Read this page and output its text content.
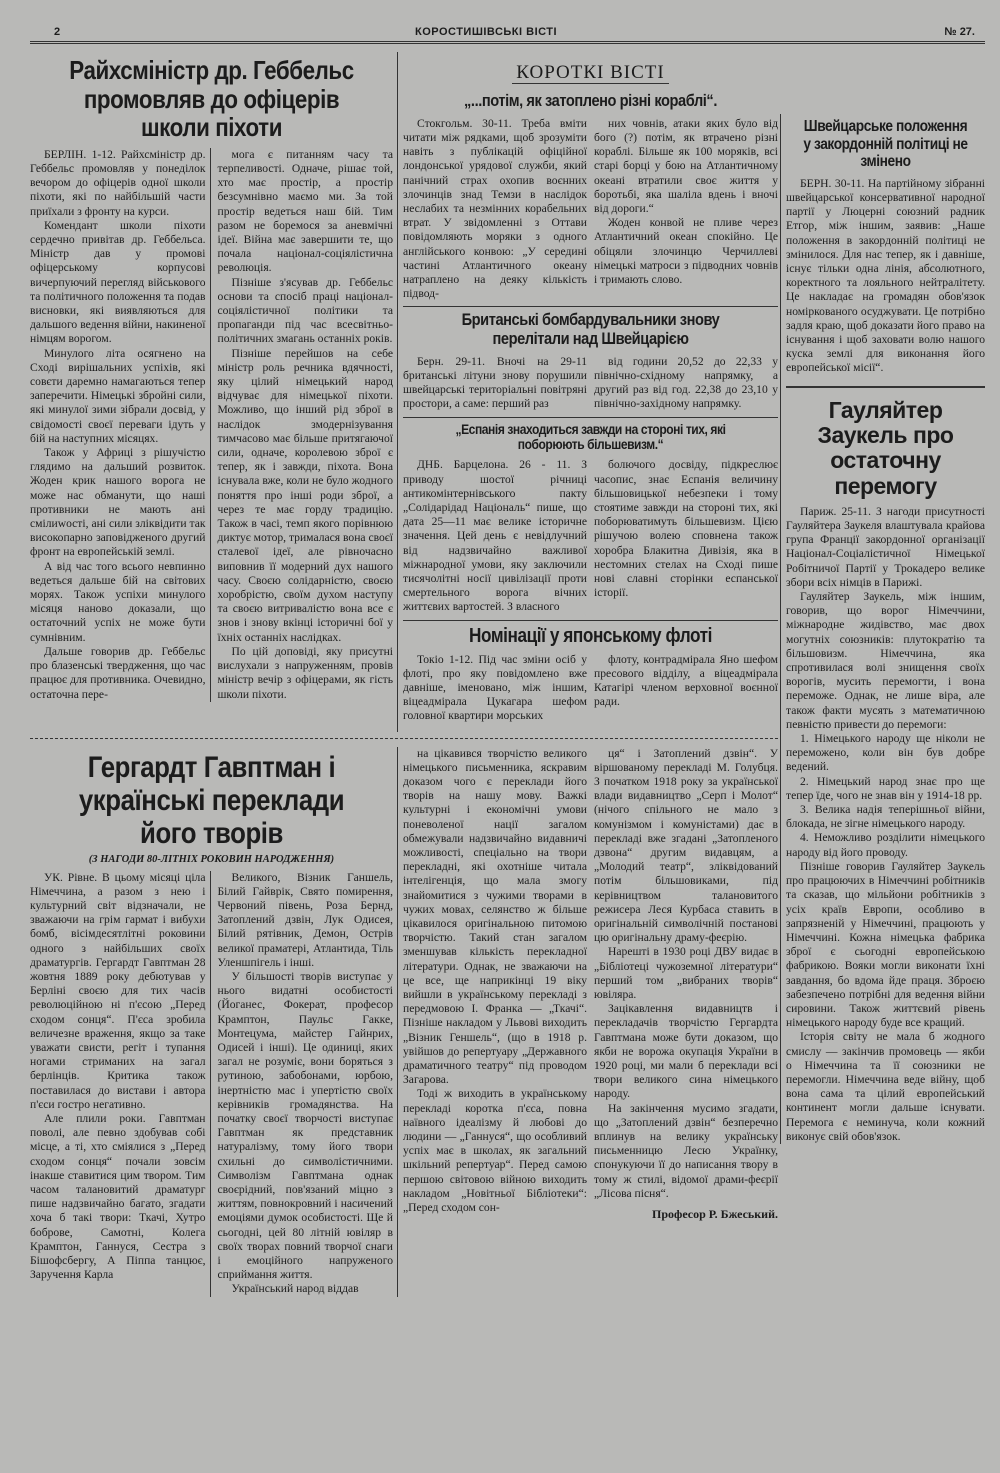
2	КОРОСТИШІВСЬКІ ВІСТІ	№ 27.
Райхсміністр др. Геббельс промовляв до офіцерів школи піхоти

БЕРЛІН. 1-12. Райхсміністр др. Геббельс промовляв у понеділок вечором до офіцерів одної школи піхоти, які по найбільшій части приїхали з фронту на курси.

Комендант школи піхоти сердечно привітав др. Геббельса. Міністр дав у промові офіцерському корпусові вичерпуючий перегляд військового та політичного положення та подав висновки, які виявляються для дальшого ведення війни, накиненої німцям ворогом.

Минулого літа осягнено на Сході вирішальних успіхів, які совєти даремно намагаються тепер заперечити. Німецькі збройні сили, які минулої зими зібрали досвід, у свідомості своєї переваги ідуть у бій на наступних місяцях.

Також у Африці з рішучістю глядимо на дальший розвиток. Жоден крик нашого ворога не може нас обманути, що наші противники не мають ані смілиwості, ані сили зліквідити так високопарно заповідженого другий фронт на европейській землі.

А від час того всього невпинно ведеться дальше бій на світових морях. Також успіхи минулого місяця наново доказали, що остаточний успіх не може бути сумнівним.

Дальше говорив др. Геббельс про блазенські твердження, що час працює для противника. Очевидно, остаточна пере-

мога є питанням часу та терпеливості. Одначе, рішає той, хто має простір, а простір безсумнівно маємо ми. За той простір ведеться наш бій. Тим разом не боремося за аневмічні ідеї. Війна має завершити те, що почала націонал-соціялістична революція.

Пізніше з'ясував др. Геббельс основи та спосіб праці націонал-соціялістичної політики та пропаганди під час всесвітньо-політичних змагань останніх років.

Пізніше перейшов на себе міністр роль речника вдячності, яку цілий німецький народ відчуває для німецької піхоти. Можливо, що інший рід зброї в наслідок змодернізування тимчасово має більше притягаючої сили, одначе, королевою зброї є тепер, як і завжди, піхота. Вона існувала вже, коли не було жодного поняття про інші роди зброї, а через те має горду традицію. Також в часі, темп якого порівнюю диктує мотор, трималася вона своєї сталевої ідеї, але рівночасно виповнив її модерний дух нашого часу. Своєю солідарністю, своєю хоробрістю, своїм духом наступу та своєю витривалістю вона все є знов і знову вкінці історичні бої у їхніх останніх наслідках.

По цій доповіді, яку присутні вислухали з напруженням, провів міністр вечір з офіцерами, як гість школи піхоти.

КОРОТКІ ВІСТІ
„...потім, як затоплено різні кораблі“.

Стокгольм. 30-11. Треба вміти читати між рядками, щоб зрозуміти навіть з публікацій офіційної лондонської урядової служби, який панічний страх охопив воєнних злочинців знад Темзи в наслідок неслабих та незмінних корабельних втрат. У звідомленні з Оттави повідомляють моряки з одного англійського конвою: „У середині частині Атлантичного океану натраплено на деяку кількість підвод-

них човнів, атаки яких було від бого (?) потім, як втрачено різні кораблі. Більше як 100 моряків, всі старі борці у бою на Атлантичному океані втратили своє життя у боротьбі, яка шаліла вдень і вночі від дороги.“

Жоден конвой не пливе через Атлантичний океан спокійно. Це обіцяли злочинцю Черчиллеві німецькі матроси з підводних човнів і тримають слово.

Британські бомбардувальники знову перелітали над Швейцарією

Берн. 29-11. Вночі на 29-11 британські літуни знову порушили швейцарські територіальні повітряні простори, а саме: перший раз

від години 20,52 до 22,33 у північно-східному напрямку, а другий раз від год. 22,38 до 23,10 у північно-західному напрямку.

„Еспанія знаходиться завжди на стороні тих, які поборюють більшевизм.“

ДНБ. Барцелона. 26 - 11. З приводу шостої річниці антикомінтернівського пакту „Солідарідад Національ“ пише, що дата 25—11 має велике історичне значення. Цей день є невідлучний від надзвичайно важливої міжнародної умови, яку заключили тисячолітні носії цивілізації проти смертельного ворога вічних життєвих вартостей. З власного

болючого досвіду, підкреслює часопис, знає Еспанія величину більшовицької небезпеки і тому стоятиме завжди на стороні тих, які поборюватимуть більшевизм. Цією рішучою волею сповнена також хоробра Блакитна Дивізія, яка в нестомних стелах на Сході пише нові славні сторінки еспанської історії.

Номінації у японському флоті

Токіо 1-12. Під час зміни осіб у флоті, про яку повідомлено вже давніше, іменовано, між іншим, віцеадмірала Цукагара шефом головної квартири морських

флоту, контрадмірала Яно шефом пресового відділу, а віцеадмірала Катагірі членом верховної воєнної ради.

Гергардт Гавптман і українські переклади його творів
(З НАГОДИ 80-ЛІТНІХ РОКОВИН НАРОДЖЕННЯ)

УК. Рівне. В цьому місяці ціла Німеччина, а разом з нею і культурний світ відзначали, не зважаючи на грім гармат і вибухи бомб, вісімдесятлітні роковини одного з найбільших своїх драматургів. Гергардт Гавптман 28 жовтня 1889 року дебютував у Берліні своєю для тих часів революційною ні п'єсою „Перед сходом сонця“. П'єса зробила величезне враження, якщо за таке уважати свисти, регіт і тупання ногами стриманих на загал берлінців. Критика також поставилася до вистави і автора п'єси гостро негативно.

Але плили роки. Гавптман поволі, але певно здобував собі місце, а ті, хто сміялися з „Перед сходом сонця“ почали зовсім інакше ставитися цим твором. Тим часом талановитий драматург пише надзвичайно багато, згадати хоча б такі твори: Ткачі, Хутро боброве, Самотні, Колега Крамптон, Ганнуся, Сестра з Бішофсбергу, А Піппа танцює, Заручення Карла

Великого, Візник Ганшель, Білий Гайврік, Свято помирення, Червоний півень, Роза Бернд, Затоплений дзвін, Лук Одисея, Білий рятівник, Демон, Острів великої праматері, Атлантида, Тіль Уленшпігель і інші.

У більшості творів виступає у нього видатні особистості (Йоганес, Фокерат, професор Крамптон, Паульс Гакке, Монтецума, майстер Гайнрих, Одисей і інші). Це одиниці, яких загал не розуміє, вони боряться з рутиною, забобонами, юрбою, інертністю мас і упертістю своїх керівників громадянства. На початку своєї творчості виступає Гавптман як представник натуралізму, тому його твори схильні до символістичними. Символізм Гавптмана однак своєрідний, пов'язаний міцно з життям, повнокровний і насичений емоціями думок особистості. Ще й сьогодні, цей 80 літній ювіляр в своїх творах повний творчої снаги і емоційного напруженого сприймання життя.

Український народ віддав

на цікавився творчістю великого німецького письменника, яскравим доказом чого є переклади його творів на нашу мову. Важкі культурні і економічні умови поневоленої нації загалом обмежували надзвичайно видавничі можливості, спеціально на твори перекладні, які охотніше читала інтелігенція, що мала змогу знайомитися з чужими творами в чужих мовах, селянство ж більше цікавилося оригінальною питомою творчістю. Такий стан загалом зменшував кількість перекладної літератури. Однак, не зважаючи на це все, ще наприкінці 19 віку вийшли в українському перекладі з передмовою І. Франка — „Ткачі“. Пізніше накладом у Львові виходить „Візник Геншель“, (що в 1918 р. увійшов до репертуару „Державного драматичного театру“ під проводом Загарова.

Тоді ж виходить в українському перекладі коротка п'єса, повна наївного ідеалізму й любові до людини — „Ганнуся“, що особливий успіх має в школах, як загальний шкільний репертуар“. Перед самою першою світовою війною виходить накладом „Новітньої Бібліотеки“: „Перед сходом сон-

ця“ і Затоплений дзвін“. У віршованому перекладі М. Голубця. З початком 1918 року за української влади видавництво „Серп і Молот“ (нічого спільного не мало з комунізмом і комуністами) дає в перекладі вже згадані „Затопленого дзвона“ другим видавцям, а „Молодий театр“, зліквідований потім більшовиками, під керівництвом талановитого режисера Леся Курбаса ставить в оригінальній символічній постанові цю оригінальну драму-феєрію.

Нарешті в 1930 році ДВУ видає в „Бібліотеці чужоземної літератури“ перший том „вибраних творів“ ювіляра.

Зацікавлення видавництв і перекладачів творчістю Гергардта Гавптмана може бути доказом, що якби не ворожа окупація України в 1920 році, ми мали б переклади всі твори великого сина німецького народу.

На закінчення мусимо згадати, що „Затоплений дзвін“ безперечно вплинув на велику українську письменницю Лесю Українку, спонукуючи її до написання твору в тому ж стилі, відомої драми-феєрії „Лісова пісня“.

Професор Р. Бжеський.
Швейцарське положення у закордонній політиці не змінено

БЕРН. 30-11. На партійному зібранні швейцарської консервативної народної партії у Люцерні союзний радник Етгор, між іншим, заявив: „Наше положення в закордонній політиці не змінилося. Для нас тепер, як і давніше, існує тільки одна лінія, абсолютного, коректного та лояльного нейтралітету. Це накладає на громадян обов'язок номіркованого осуджувати. Це потрібно задля краю, щоб доказати його право на існування і щоб заховати волю нашого куска землі для виконання його европейської місії“.

Гауляйтер Заукель про остаточну перемогу

Париж. 25-11. З нагоди присутності Гауляйтера Заукеля влаштувала крайова група Франції закордонної організації Націонал-Соціалістичної Німецької Робітничої Партії у Трокадеро велике збори всіх німців в Парижі.

Гауляйтер Заукель, між іншим, говорив, що ворог Німеччини, міжнародне жидівство, має двох могутніх союзників: плутократію та більшовизм. Німеччина, яка спротивилася волі знищення своїх ворогів, мусить перемогти, і вона переможе. Однак, не лише віра, але також факти мусять з математичною певністю привести до перемоги:

1. Німецького народу ще ніколи не переможено, коли він був добре ведений.

2. Німецький народ знає про ще тепер їде, чого не знав він у 1914-18 рр.

3. Велика надія теперішньої війни, блокада, не зігне німецького народу.

4. Неможливо розділити німецького народу від його проводу.

Пізніше говорив Гауляйтер Заукель про працюючих в Німеччині робітників та сказав, що мільйони робітників з усіх країв Европи, особливо в запрязненій у Німеччині, працюють у Німеччині. Кожна німецька фабрика зброї є сьогодні европейською фабрикою. Вояки могли виконати їхні завдання, бо вдома йде праця. Зброєю забезпечено потрібні для ведення війни сировини. Також життєвий рівень німецького народу буде все кращий.

Історія світу не мала б жодного смислу — закінчив промовець — якби о Німеччина та її союзники не перемогли. Німеччина веде війну, щоб вона сама та цілий европейський континент могли дальше існувати. Перемога є неминуча, коли кожний виконує свій обов'язок.
